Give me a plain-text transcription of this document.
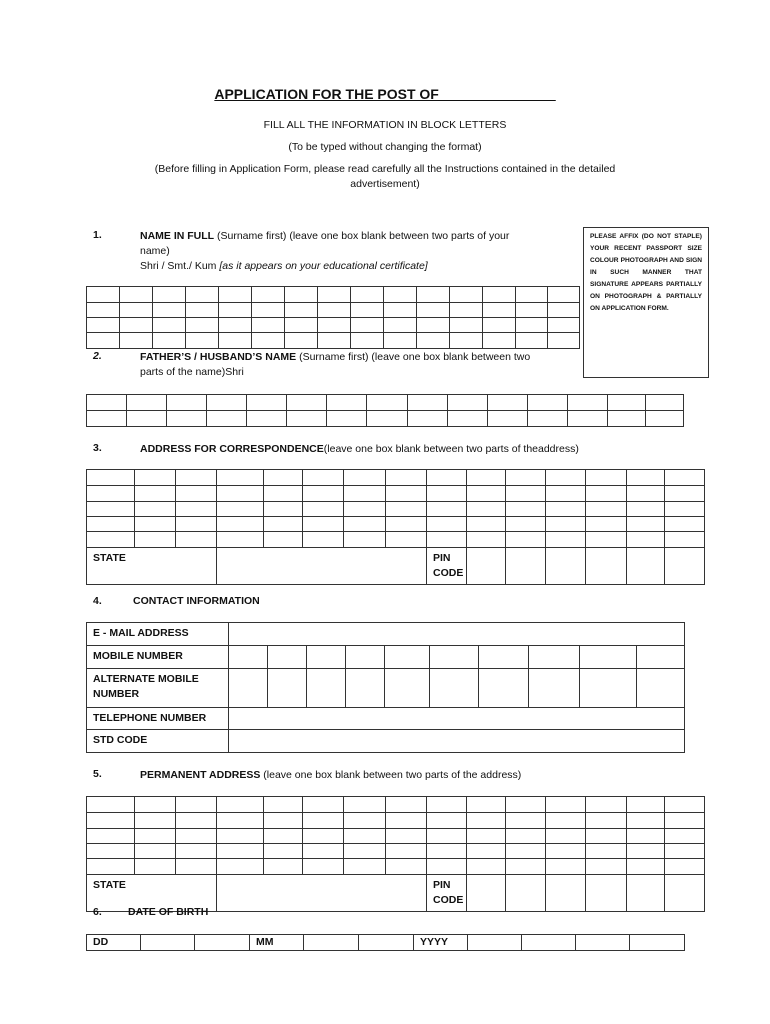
APPLICATION FOR THE POST OF_______________
FILL ALL THE INFORMATION IN BLOCK LETTERS
(To be typed without changing the format)
(Before filling in Application Form, please read carefully all the Instructions contained in the detailed
advertisement)
PLEASE AFFIX (DO NOT STAPLE) YOUR RECENT PASSPORT SIZE COLOUR PHOTOGRAPH AND SIGN IN SUCH MANNER THAT SIGNATURE APPEARS PARTIALLY ON PHOTOGRAPH & PARTIALLY ON APPLICATION FORM.
1.	NAME IN FULL (Surname first) (leave one box blank between two parts of your
name)
Shri / Smt./ Kum [as it appears on your educational certificate]

2.	FATHER’S / HUSBAND’S NAME (Surname first) (leave one box blank between two
parts of the name)Shri

3.	ADDRESS FOR CORRESPONDENCE(leave one box blank between two parts of theaddress)

STATE								PIN
CODE						
4.	CONTACT INFORMATION
E - MAIL ADDRESS										
MOBILE NUMBER										
ALTERNATE MOBILE
NUMBER										
TELEPHONE NUMBER										
STD CODE										
5.	PERMANENT ADDRESS (leave one box blank between two parts of the address)

STATE								PIN
CODE						
6. DATE OF BIRTH
DD			MM			YYYY				
